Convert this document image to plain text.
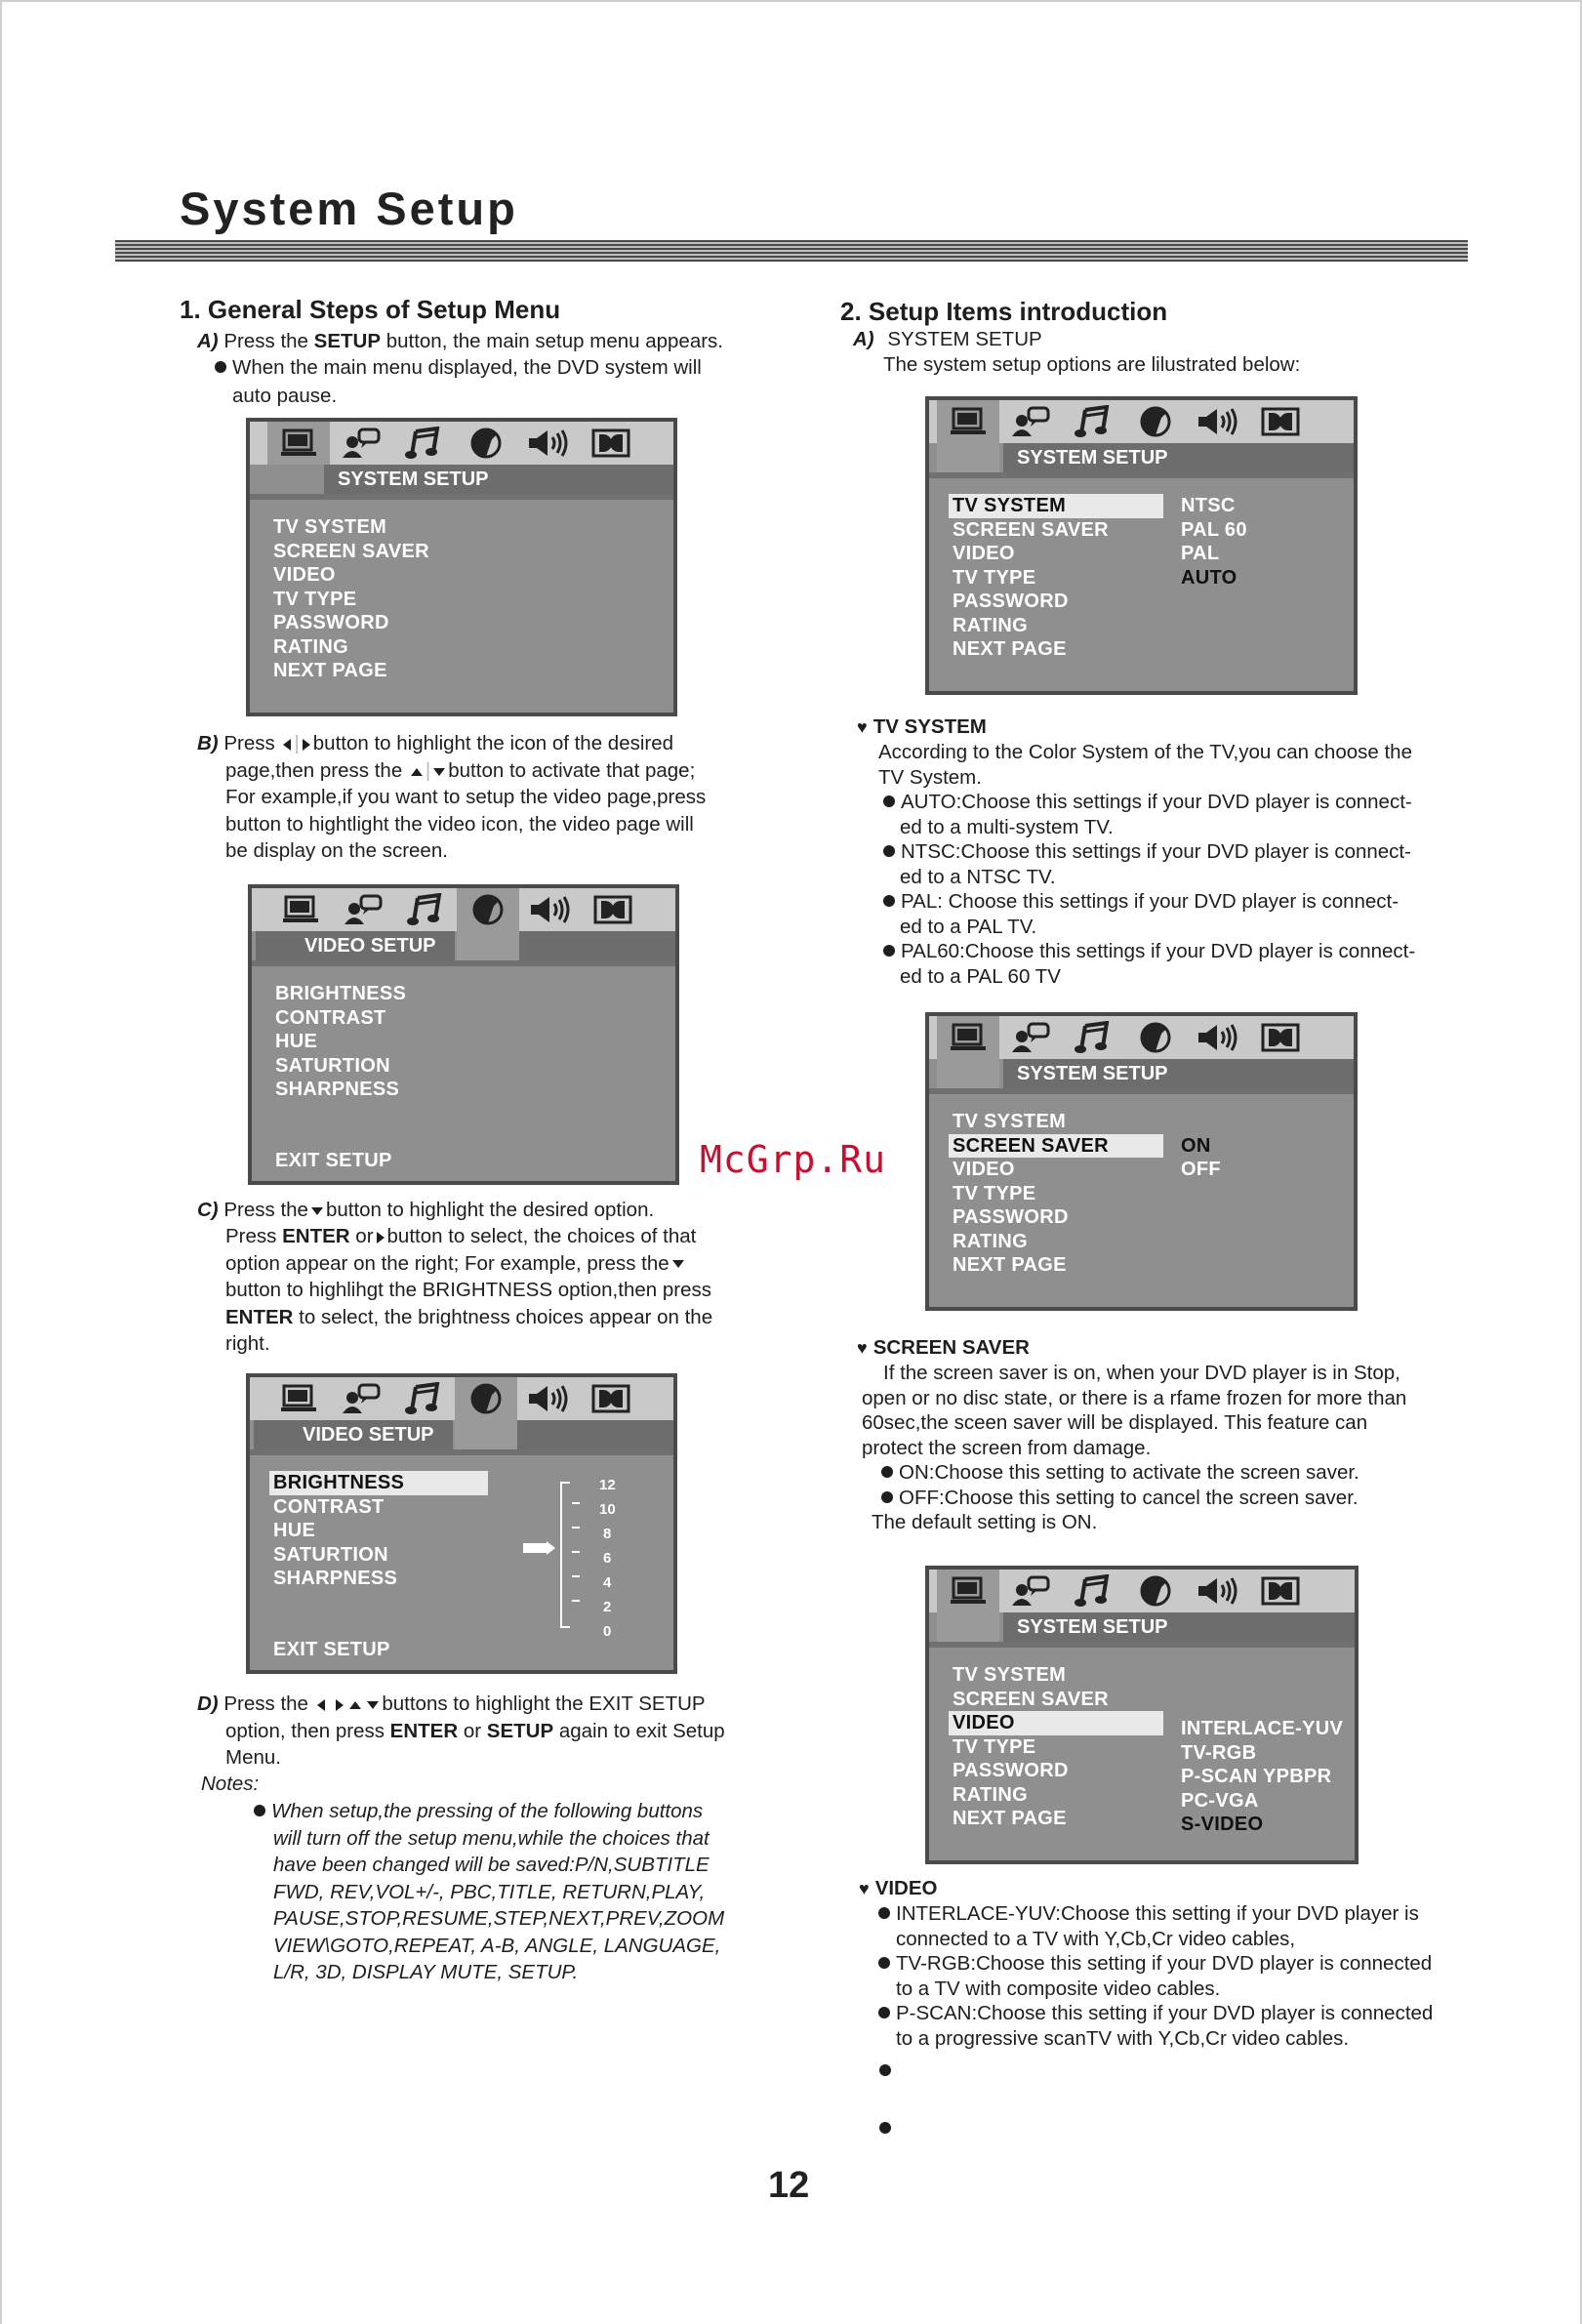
System Setup
1. General Steps of Setup Menu
A) Press the SETUP button, the main setup menu appears.
When the main menu displayed, the DVD system will
auto pause.
SYSTEM SETUP
TV SYSTEM
SCREEN SAVER
VIDEO
TV TYPE
PASSWORD
RATING
NEXT PAGE
B) Press | button to highlight the icon of the desired
page,then press the | button to activate that page;
For example,if you want to setup the video page,press
button to hightlight the video icon, the video page will
be display on the screen.
VIDEO SETUP
BRIGHTNESS
CONTRAST
HUE
SATURTION
SHARPNESS
EXIT SETUP
C) Press the button to highlight the desired option.
Press ENTER or button to select, the choices of that
option appear on the right; For example, press the
button to highlihgt the BRIGHTNESS option,then press
ENTER to select, the brightness choices appear on the
right.
VIDEO SETUP
BRIGHTNESS
CONTRAST
HUE
SATURTION
SHARPNESS
EXIT SETUP
12
10
8
6
4
2
0
D) Press the	buttons to highlight the EXIT SETUP
option, then press ENTER or SETUP again to exit Setup
Menu.
Notes:
When setup,the pressing of the following buttons
will turn off the setup menu,while the choices that
have been changed will be saved:P/N,SUBTITLE
FWD, REV,VOL+/-, PBC,TITLE, RETURN,PLAY,
PAUSE,STOP,RESUME,STEP,NEXT,PREV,ZOOM
VIEW\GOTO,REPEAT, A-B, ANGLE, LANGUAGE,
L/R, 3D, DISPLAY MUTE, SETUP.
2. Setup Items introduction
A) SYSTEM SETUP
The system setup options are lilustrated below:
SYSTEM SETUP
TV SYSTEM
SCREEN SAVER
VIDEO
TV TYPE
PASSWORD
RATING
NEXT PAGE
NTSC
PAL 60
PAL
AUTO
♥ TV SYSTEM
According to the Color System of the TV,you can choose the
TV System.
AUTO:Choose this settings if your DVD player is connect-
ed to a multi-system TV.
NTSC:Choose this settings if your DVD player is connect-
ed to a NTSC TV.
PAL: Choose this settings if your DVD player is connect-
ed to a PAL TV.
PAL60:Choose this settings if your DVD player is connect-
ed to a PAL 60 TV
SYSTEM SETUP
TV SYSTEM
SCREEN SAVER
VIDEO
TV TYPE
PASSWORD
RATING
NEXT PAGE
ON
OFF
♥ SCREEN SAVER
If the screen saver is on, when your DVD player is in Stop,
open or no disc state, or there is a rfame frozen for more than
60sec,the sceen saver will be displayed. This feature can
protect the screen from damage.
ON:Choose this setting to activate the screen saver.
OFF:Choose this setting to cancel the screen saver.
The default setting is ON.
SYSTEM SETUP
TV SYSTEM
SCREEN SAVER
VIDEO
TV TYPE
PASSWORD
RATING
NEXT PAGE
INTERLACE-YUV
TV-RGB
P-SCAN YPBPR
PC-VGA
S-VIDEO
♥ VIDEO
INTERLACE-YUV:Choose this setting if your DVD player is
connected to a TV with Y,Cb,Cr video cables,
TV-RGB:Choose this setting if your DVD player is connected
to a TV with composite video cables.
P-SCAN:Choose this setting if your DVD player is connected
to a progressive scanTV with Y,Cb,Cr video cables.
McGrp.Ru
12
